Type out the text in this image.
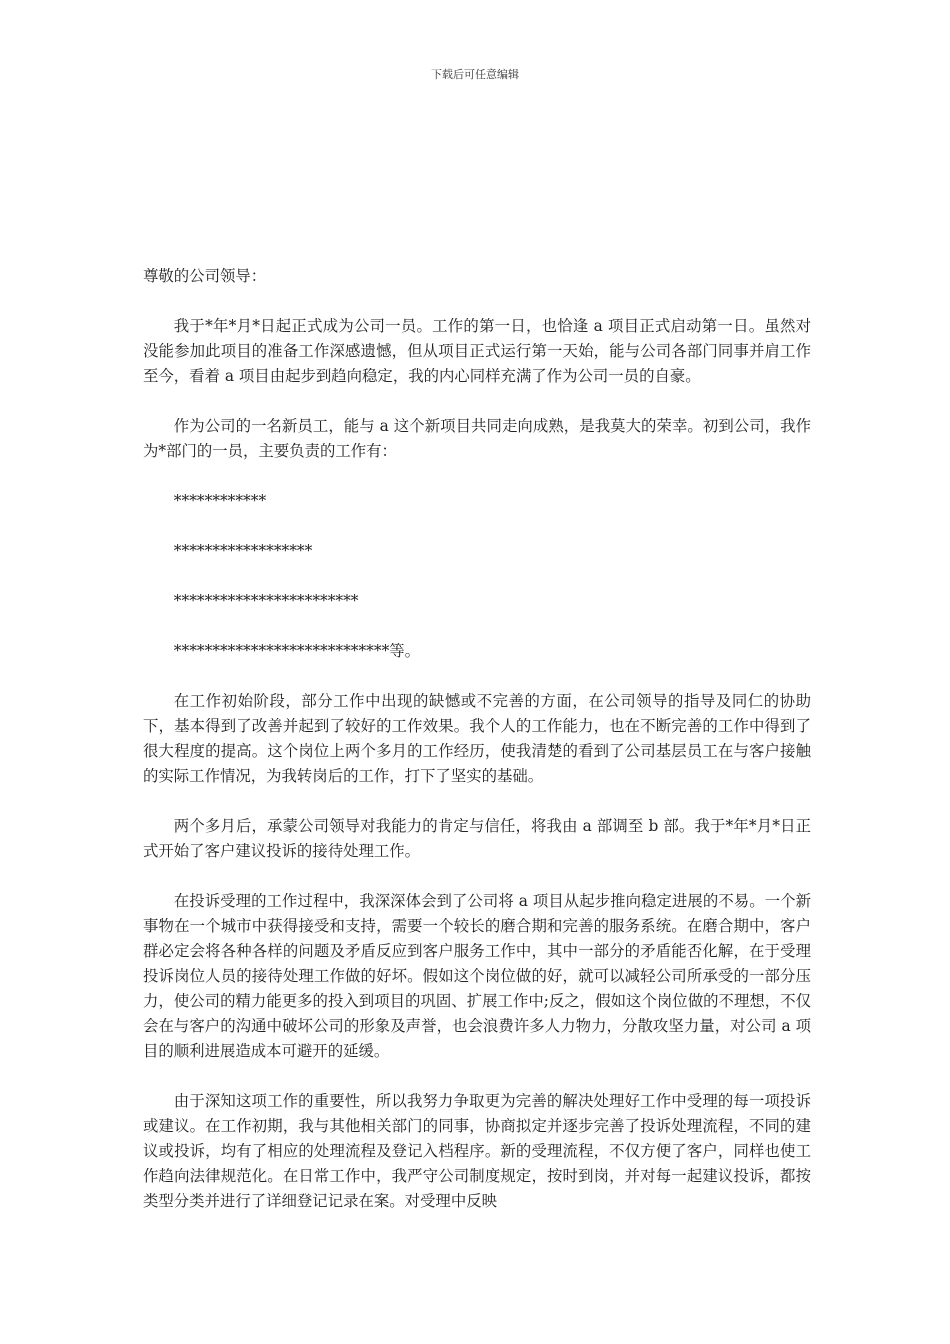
下载后可任意编辑

尊敬的公司领导：

我于*年*月*日起正式成为公司一员。工作的第一日，也恰逢 a 项目正式启动第一日。虽然对没能参加此项目的准备工作深感遗憾，但从项目正式运行第一天始，能与公司各部门同事并肩工作至今，看着 a 项目由起步到趋向稳定，我的内心同样充满了作为公司一员的自豪。

作为公司的一名新员工，能与 a 这个新项目共同走向成熟，是我莫大的荣幸。初到公司，我作为*部门的一员，主要负责的工作有：

************

******************

************************

****************************等。

在工作初始阶段，部分工作中出现的缺憾或不完善的方面，在公司领导的指导及同仁的协助下，基本得到了改善并起到了较好的工作效果。我个人的工作能力，也在不断完善的工作中得到了很大程度的提高。这个岗位上两个多月的工作经历，使我清楚的看到了公司基层员工在与客户接触的实际工作情况，为我转岗后的工作，打下了坚实的基础。

两个多月后，承蒙公司领导对我能力的肯定与信任，将我由 a 部调至 b 部。我于*年*月*日正式开始了客户建议投诉的接待处理工作。

在投诉受理的工作过程中，我深深体会到了公司将 a 项目从起步推向稳定进展的不易。一个新事物在一个城市中获得接受和支持，需要一个较长的磨合期和完善的服务系统。在磨合期中，客户群必定会将各种各样的问题及矛盾反应到客户服务工作中，其中一部分的矛盾能否化解，在于受理投诉岗位人员的接待处理工作做的好坏。假如这个岗位做的好，就可以减轻公司所承受的一部分压力，使公司的精力能更多的投入到项目的巩固、扩展工作中;反之，假如这个岗位做的不理想，不仅会在与客户的沟通中破坏公司的形象及声誉，也会浪费许多人力物力，分散攻坚力量，对公司 a 项目的顺利进展造成本可避开的延缓。

由于深知这项工作的重要性，所以我努力争取更为完善的解决处理好工作中受理的每一项投诉或建议。在工作初期，我与其他相关部门的同事，协商拟定并逐步完善了投诉处理流程，不同的建议或投诉，均有了相应的处理流程及登记入档程序。新的受理流程，不仅方便了客户，同样也使工作趋向法律规范化。在日常工作中，我严守公司制度规定，按时到岗，并对每一起建议投诉，都按类型分类并进行了详细登记记录在案。对受理中反映
